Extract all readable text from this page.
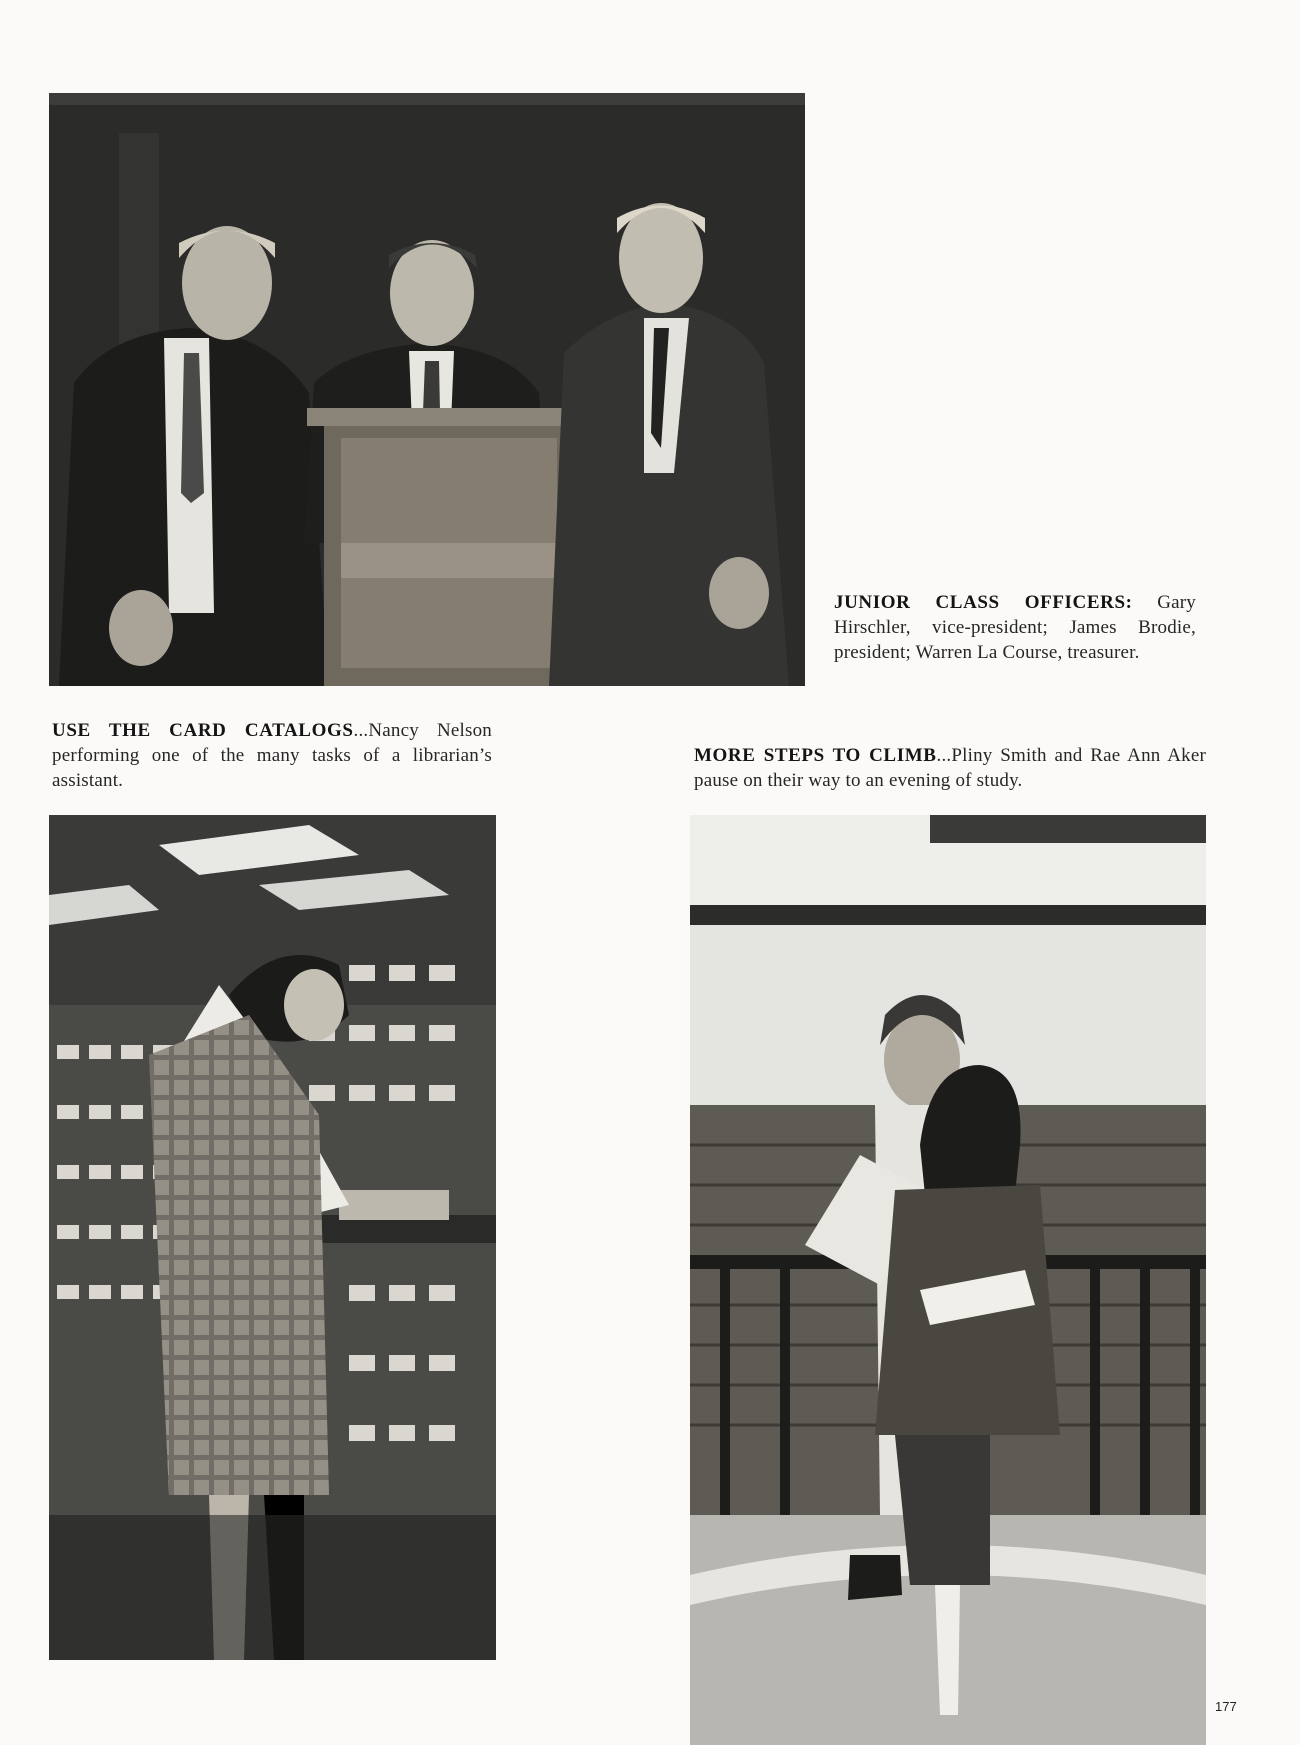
JUNIOR CLASS OFFICERS: Gary Hirschler, vice-president; James Brodie, president; Warren La Course, treasurer.
USE THE CARD CATALOGS...Nancy Nelson performing one of the many tasks of a librarian’s assistant.
MORE STEPS TO CLIMB...Pliny Smith and Rae Ann Aker pause on their way to an evening of study.
177
